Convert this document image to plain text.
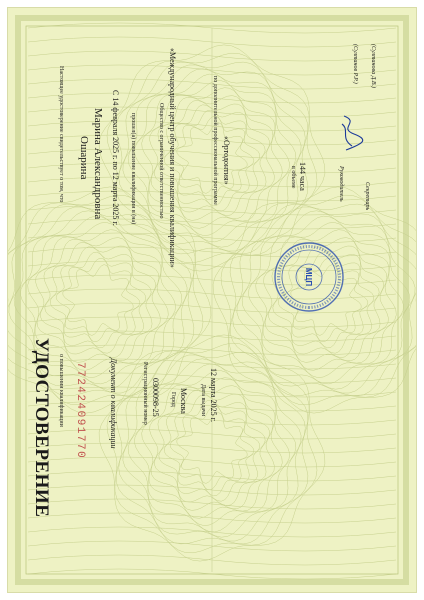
Настоящее удостоверение свидетельствует о том, что Ошарина Марина Александровна С 14 февраля 2025 г. по 12 марта 2025 г. прошел(а) повышение квалификации в (на)	Общество с ограниченной ответственностью «Международный центр обучения и повышения квалификации»	по дополнительной профессиональной программе «Ортодонтия»	в объеме 144 часа	Руководитель
(Султанов Р.Р.)
Секретарь
(Султанова Д.В.)
МЦП
УДОСТОВЕРЕНИЕ о повышении квалификации 772424091770	Документ о квалификации	Регистрационный номер 0300098-25 Город Москва Дата выдачи 12 марта 2025 г.
